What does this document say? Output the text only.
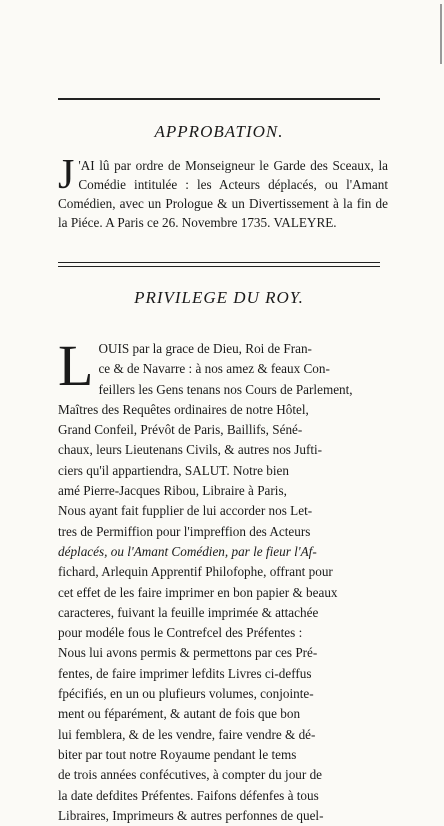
APPROBATION.
J 'AI lû par ordre de Monseigneur le Garde des Sceaux, la Comédie intitulée : les Acteurs déplacés, ou l'Amant Comédien, avec un Prologue & un Divertissement à la fin de la Piéce. A Paris ce 26. Novembre 1735. VALEYRE.
PRIVILEGE DU ROY.
L OUIS par la grace de Dieu, Roi de Fran-
ce & de Navarre : à nos amez & feaux Con-
feillers les Gens tenans nos Cours de Parlement,
Maîtres des Requêtes ordinaires de notre Hôtel,
Grand Confeil, Prévôt de Paris, Baillifs, Séné-
chaux, leurs Lieutenans Civils, & autres nos Jufti-
ciers qu'il appartiendra, SALUT. Notre bien
amé Pierre-Jacques Ribou, Libraire à Paris,
Nous ayant fait fupplier de lui accorder nos Let-
tres de Permiffion pour l'impreffion des Acteurs
déplacés, ou l'Amant Comédien, par le fieur l'Af-
fichard, Arlequin Apprentif Philofophe, offrant pour
cet effet de les faire imprimer en bon papier & beaux
caracteres, fuivant la feuille imprimée & attachée
pour modéle fous le Contrefcel des Préfentes :
Nous lui avons permis & permettons par ces Pré-
fentes, de faire imprimer lefdits Livres ci-deffus
fpécifiés, en un ou plufieurs volumes, conjointe-
ment ou féparément, & autant de fois que bon
lui femblera, & de les vendre, faire vendre & dé-
biter par tout notre Royaume pendant le tems
de trois années confécutives, à compter du jour de
la date defdites Préfentes. Faifons défenfes à tous
Libraires, Imprimeurs & autres perfonnes de quel-
